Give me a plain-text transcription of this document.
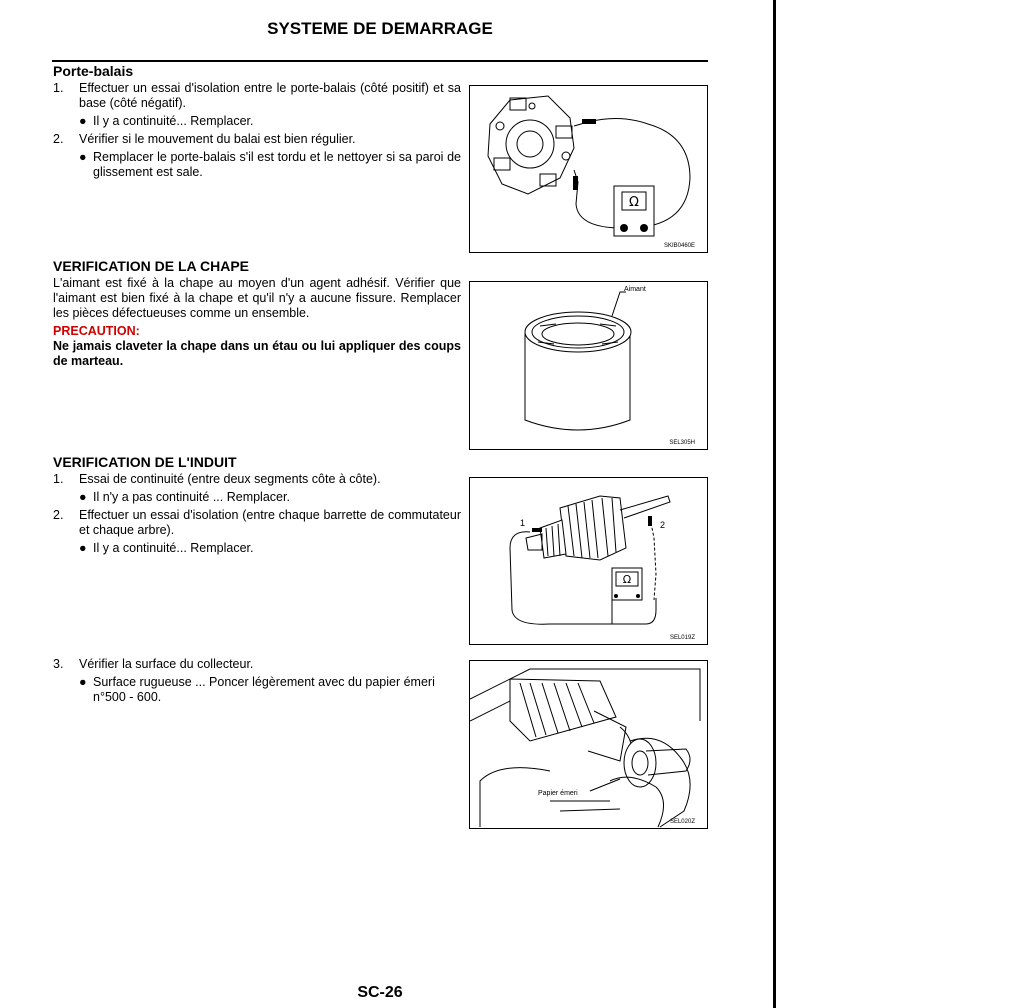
SYSTEME DE DEMARRAGE
Porte-balais
1.	Effectuer un essai d'isolation entre le porte-balais (côté positif) et sa base (côté négatif).
● Il y a continuité... Remplacer.
2.	Vérifier si le mouvement du balai est bien régulier.
● Remplacer le porte-balais s'il est tordu et le nettoyer si sa paroi de glissement est sale.
Ω
SKIB0460E
VERIFICATION DE LA CHAPE
L'aimant est fixé à la chape au moyen d'un agent adhésif. Vérifier que l'aimant est bien fixé à la chape et qu'il n'y a aucune fissure. Remplacer les pièces défectueuses comme un ensemble.
PRECAUTION:
Ne jamais claveter la chape dans un étau ou lui appliquer des coups de marteau.
Aimant
SEL305H
VERIFICATION DE L'INDUIT
1.	Essai de continuité (entre deux segments côte à côte).
● Il n'y a pas continuité ... Remplacer.
2.	Effectuer un essai d'isolation (entre chaque barrette de commutateur et chaque arbre).
● Il y a continuité... Remplacer.
3.	Vérifier la surface du collecteur.
● Surface rugueuse ... Poncer légèrement avec du papier émeri n°500 - 600.
Ω
1	2
SEL019Z
Papier émeri
SEL020Z
SC-26
